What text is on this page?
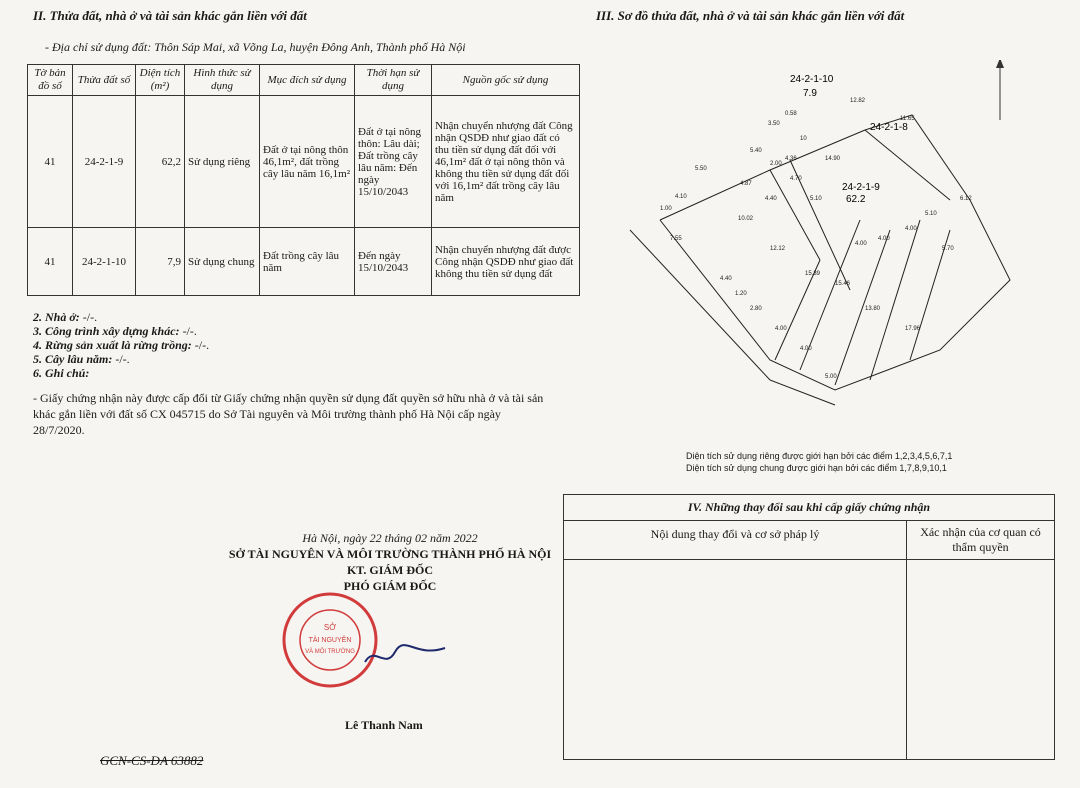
II. Thửa đất, nhà ở và tài sản khác gắn liền với đất
- Địa chỉ sử dụng đất: Thôn Sáp Mai, xã Võng La, huyện Đông Anh, Thành phố Hà Nội
Tờ bản đồ số	Thửa đất số	Diện tích (m²)	Hình thức sử dụng	Mục đích sử dụng	Thời hạn sử dụng	Nguồn gốc sử dụng
41	24-2-1-9	62,2	Sử dụng riêng	Đất ở tại nông thôn 46,1m², đất trồng cây lâu năm 16,1m²	Đất ở tại nông thôn: Lâu dài; Đất trồng cây lâu năm: Đến ngày 15/10/2043	Nhận chuyển nhượng đất Công nhận QSDĐ như giao đất có thu tiền sử dụng đất đối với 46,1m² đất ở tại nông thôn và không thu tiền sử dụng đất đối với 16,1m² đất trồng cây lâu năm
41	24-2-1-10	7,9	Sử dụng chung	Đất trồng cây lâu năm	Đến ngày 15/10/2043	Nhận chuyển nhượng đất được Công nhận QSDĐ như giao đất không thu tiền sử dụng đất
2. Nhà ở: -/-.
3. Công trình xây dựng khác: -/-.
4. Rừng sản xuất là rừng trồng: -/-.
5. Cây lâu năm: -/-.
6. Ghi chú:
- Giấy chứng nhận này được cấp đổi từ Giấy chứng nhận quyền sử dụng đất quyền sở hữu nhà ở và tài sản khác gắn liền với đất số CX 045715 do Sở Tài nguyên và Môi trường thành phố Hà Nội cấp ngày 28/7/2020.
Hà Nội, ngày 22 tháng 02 năm 2022
SỞ TÀI NGUYÊN VÀ MÔI TRƯỜNG THÀNH PHỐ HÀ NỘI
KT. GIÁM ĐỐC
PHÓ GIÁM ĐỐC
SỞ
TÀI NGUYÊN
VÀ MÔI TRƯỜNG
Lê Thanh Nam
GCN-CS-ĐA 63882
III. Sơ đồ thửa đất, nhà ở và tài sản khác gắn liền với đất
24-2-1-10
7.9
24-2-1-8
24-2-1-9
62.2
3.50
0.58
12.82
11.65
5.40
10
2.00
4.36	14.90
5.50
4.87
4.40
4.70
5.10	6.12
4.10
10.02
12.12
15.39
15.46
4.00
4.00
4.00
5.70
5.10
4.40
1.20
2.80
4.00
4.00
5.00
13.80
17.96
7.55
1.00
Diện tích sử dụng riêng được giới hạn bởi các điểm 1,2,3,4,5,6,7,1
Diện tích sử dụng chung được giới hạn bởi các điểm 1,7,8,9,10,1
IV. Những thay đổi sau khi cấp giấy chứng nhận	
Nội dung thay đổi và cơ sở pháp lý	Xác nhận của cơ quan có thẩm quyền
